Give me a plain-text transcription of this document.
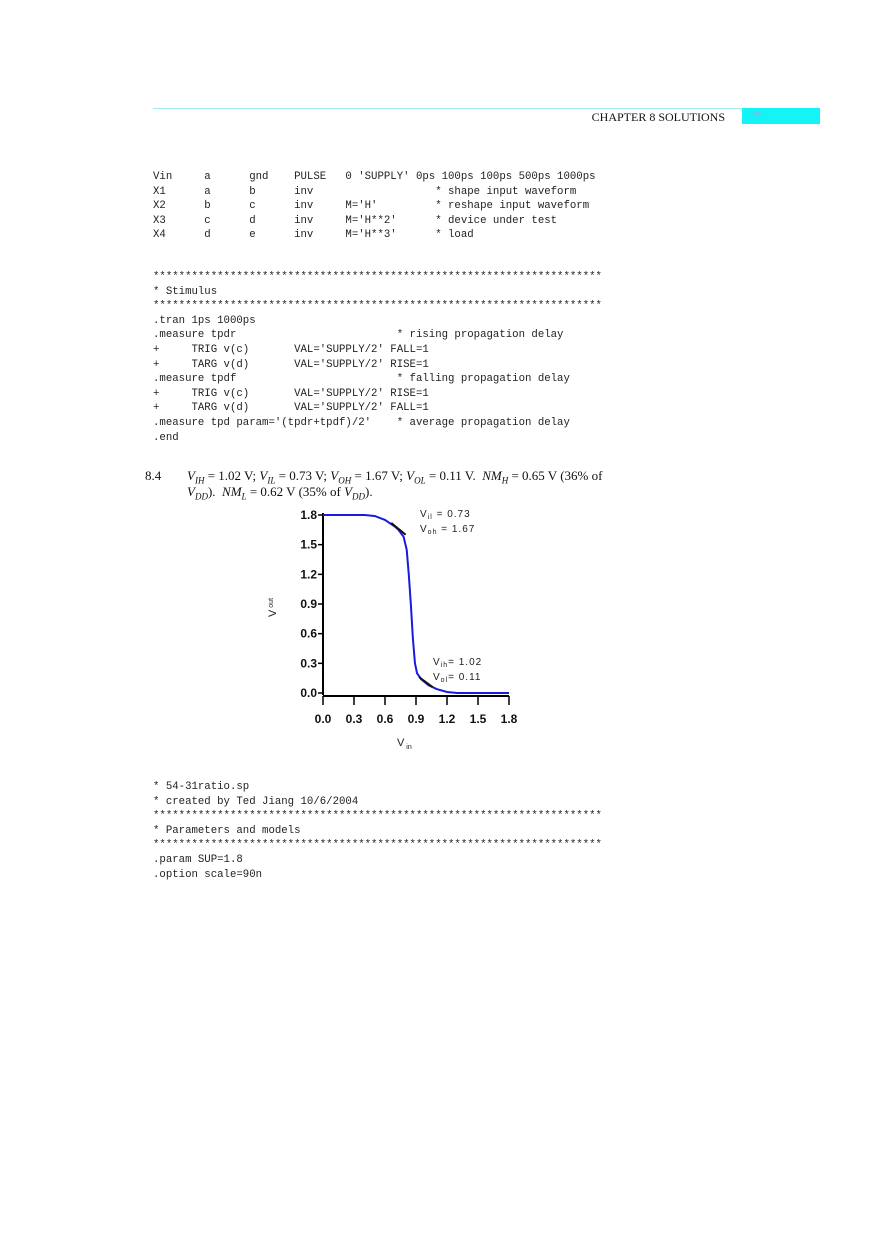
CHAPTER 8 SOLUTIONS 29
Vin     a      gnd    PULSE   0 'SUPPLY' 0ps 100ps 100ps 500ps 1000ps
X1      a      b      inv                   * shape input waveform
X2      b      c      inv     M='H'         * reshape input waveform
X3      c      d      inv     M='H**2'      * device under test
X4      d      e      inv     M='H**3'      * load
**********************************************************************
* Stimulus
**********************************************************************
.tran 1ps 1000ps
.measure tpdr                         * rising propagation delay
+     TRIG v(c)       VAL='SUPPLY/2' FALL=1
+     TARG v(d)       VAL='SUPPLY/2' RISE=1
.measure tpdf                         * falling propagation delay
+     TRIG v(c)       VAL='SUPPLY/2' RISE=1
+     TARG v(d)       VAL='SUPPLY/2' FALL=1
.measure tpd param='(tpdr+tpdf)/2'    * average propagation delay
.end
8.4 $V_{IH} = 1.02$ V; $V_{IL} = 0.73$ V; $V_{OH} = 1.67$ V; $V_{OL} = 0.11$ V.  $NM_H = 0.65$ V (36% of
$V_{DD}$).  $NM_L = 0.62$ V (35% of $V_{DD}$).
0.0
0.3
0.6
0.9
1.2
1.5
1.8
0.0 0.3 0.6 0.9 1.2 1.5 1.8
V $_{in}$
V $^{out}$
$V_{il} = 0.73$
$V_{oh} = 1.67$
$V_{ih}= 1.02$
$V_{ol}= 0.11$
* 54-31ratio.sp
* created by Ted Jiang 10/6/2004
**********************************************************************
* Parameters and models
**********************************************************************
.param SUP=1.8
.option scale=90n
